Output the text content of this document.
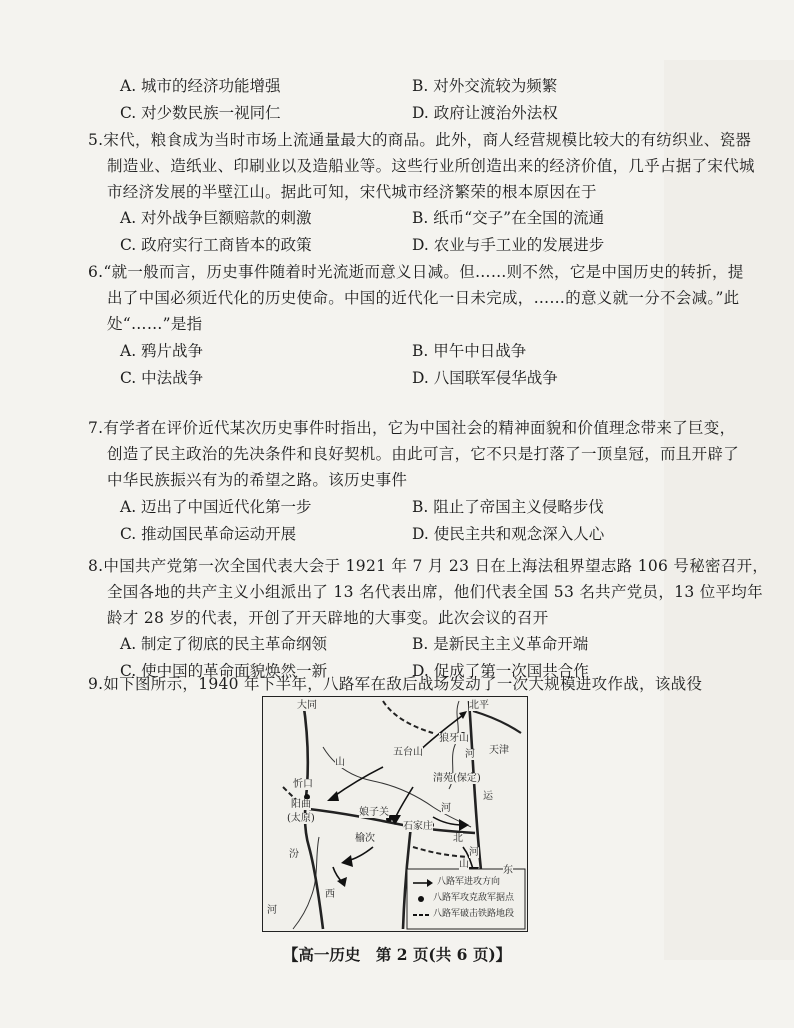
A. 城市的经济功能增强	B. 对外交流较为频繁
C. 对少数民族一视同仁	D. 政府让渡治外法权
5.宋代，粮食成为当时市场上流通量最大的商品。此外，商人经营规模比较大的有纺织业、瓷器
制造业、造纸业、印刷业以及造船业等。这些行业所创造出来的经济价值，几乎占据了宋代城
市经济发展的半壁江山。据此可知，宋代城市经济繁荣的根本原因在于
A. 对外战争巨额赔款的刺激	B. 纸币“交子”在全国的流通
C. 政府实行工商皆本的政策	D. 农业与手工业的发展进步
6.“就一般而言，历史事件随着时光流逝而意义日减。但……则不然，它是中国历史的转折，提
出了中国必须近代化的历史使命。中国的近代化一日未完成，……的意义就一分不会减。”此
处“……”是指
A. 鸦片战争	B. 甲午中日战争
C. 中法战争	D. 八国联军侵华战争
7.有学者在评价近代某次历史事件时指出，它为中国社会的精神面貌和价值理念带来了巨变，
创造了民主政治的先决条件和良好契机。由此可言，它不只是打落了一顶皇冠，而且开辟了
中华民族振兴有为的希望之路。该历史事件
A. 迈出了中国近代化第一步	B. 阻止了帝国主义侵略步伐
C. 推动国民革命运动开展	D. 使民主共和观念深入人心
8.中国共产党第一次全国代表大会于 1921 年 7 月 23 日在上海法租界望志路 106 号秘密召开，
全国各地的共产主义小组派出了 13 名代表出席，他们代表全国 53 名共产党员，13 位平均年
龄才 28 岁的代表，开创了开天辟地的大事变。此次会议的召开
A. 制定了彻底的民主革命纲领	B. 是新民主主义革命开端
C. 使中国的革命面貌焕然一新	D. 促成了第一次国共合作
9.如下图所示，1940 年下半年，八路军在敌后战场发动了一次大规模进攻作战，该战役
大同	北平
天津
狼牙山
五台山
山
河
忻口
阳曲
(太原)
清苑(保定)
运
娘子关
石家庄
河
北
河
榆次
汾
西
山
东
河
八路军进攻方向
八路军攻克敌军据点
八路军破击铁路地段
【高一历史　第 2 页(共 6 页)】
